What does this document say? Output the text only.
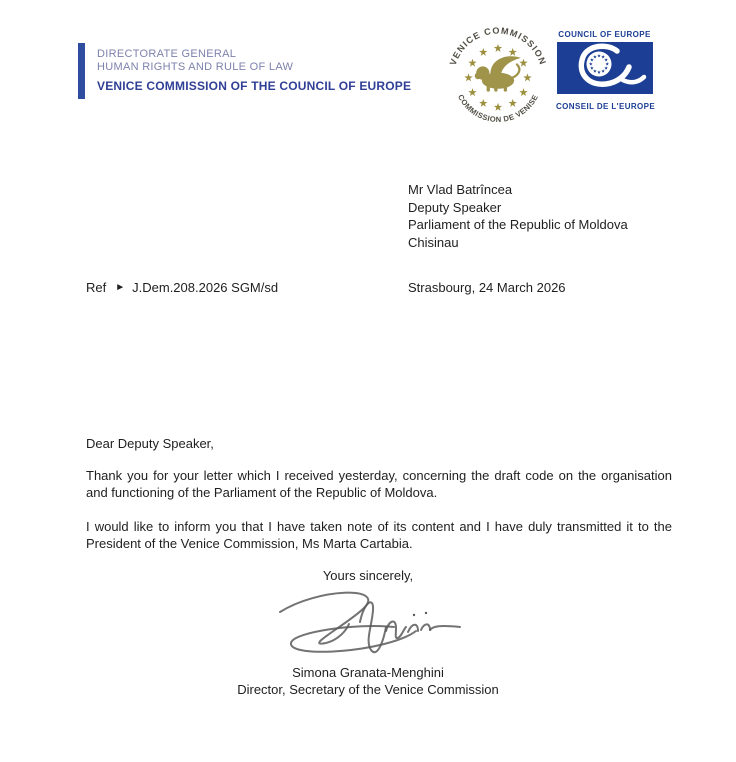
DIRECTORATE GENERAL
HUMAN RIGHTS AND RULE OF LAW
VENICE COMMISSION OF THE COUNCIL OF EUROPE
VENICE COMMISSION
COMMISSION DE VENISE
COUNCIL OF EUROPE
CONSEIL DE L'EUROPE
Mr Vlad Batrîncea
Deputy Speaker
Parliament of the Republic of Moldova
Chisinau
Ref ► J.Dem.208.2026 SGM/sd	Strasbourg, 24 March 2026

Dear Deputy Speaker,

Thank you for your letter which I received yesterday, concerning the draft code on the organisation and functioning of the Parliament of the Republic of Moldova.

I would like to inform you that I have taken note of its content and I have duly transmitted it to the President of the Venice Commission, Ms Marta Cartabia.

Yours sincerely,
Simona Granata-Menghini
Director, Secretary of the Venice Commission
